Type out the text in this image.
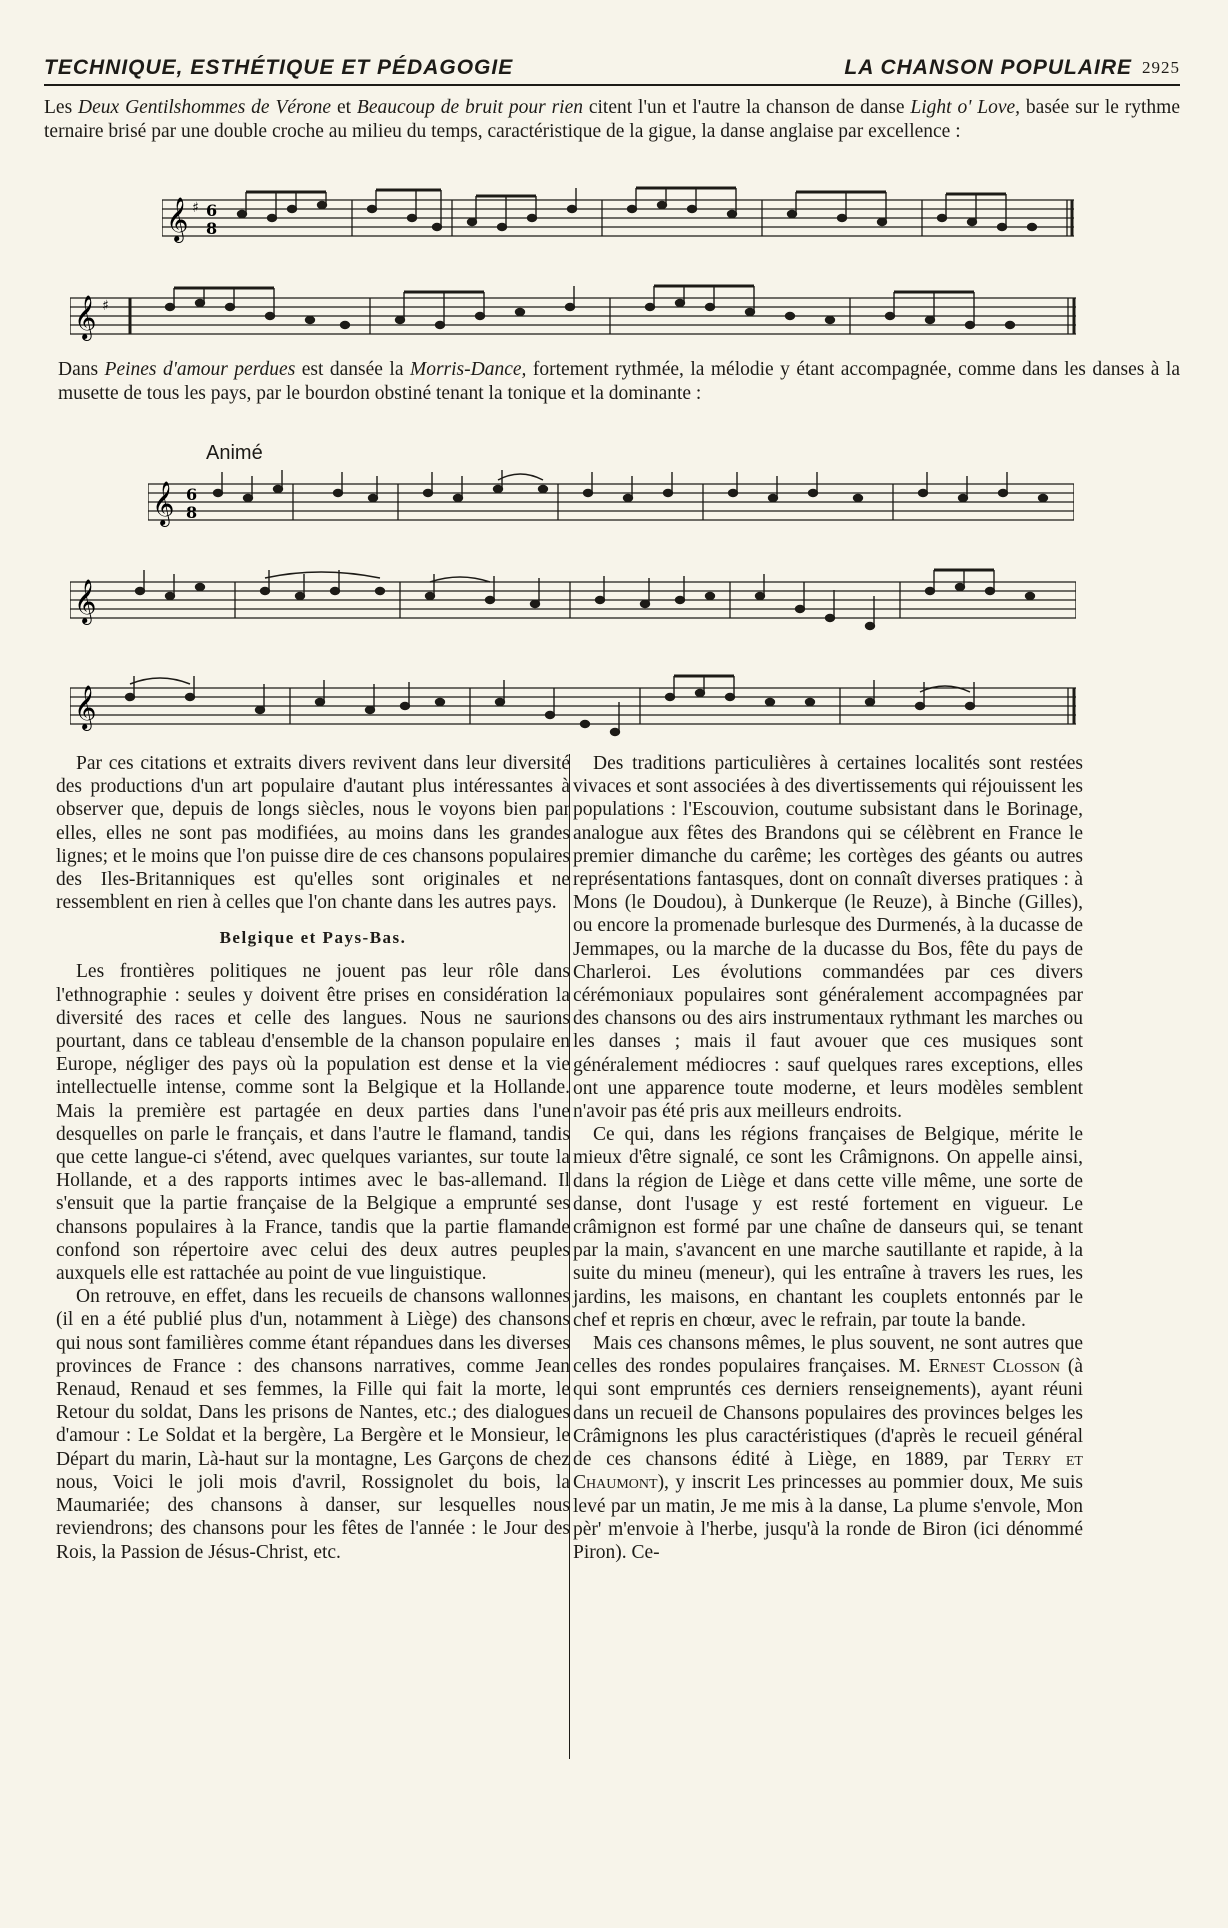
TECHNIQUE, ESTHÉTIQUE ET PÉDAGOGIE	LA CHANSON POPULAIRE 2925

Les Deux Gentilshommes de Vérone et Beaucoup de bruit pour rien citent l'un et l'autre la chanson de danse Light o' Love, basée sur le rythme ternaire brisé par une double croche au milieu du temps, caractéristique de la gigue, la danse anglaise par excellence :

𝄞 ♯ 6
8
𝄞 ♯

Dans Peines d'amour perdues est dansée la Morris-Dance, fortement rythmée, la mélodie y étant accompagnée, comme dans les danses à la musette de tous les pays, par le bourdon obstiné tenant la tonique et la dominante :

Animé
𝄞 6
8
𝄞
𝄞

Par ces citations et extraits divers revivent dans leur diversité des productions d'un art populaire d'autant plus intéressantes à observer que, depuis de longs siècles, nous le voyons bien par elles, elles ne sont pas modifiées, au moins dans les grandes lignes; et le moins que l'on puisse dire de ces chansons populaires des Iles-Britanniques est qu'elles sont originales et ne ressemblent en rien à celles que l'on chante dans les autres pays.

Belgique et Pays-Bas.

Les frontières politiques ne jouent pas leur rôle dans l'ethnographie : seules y doivent être prises en considération la diversité des races et celle des langues. Nous ne saurions pourtant, dans ce tableau d'ensemble de la chanson populaire en Europe, négliger des pays où la population est dense et la vie intellectuelle intense, comme sont la Belgique et la Hollande. Mais la première est partagée en deux parties dans l'une desquelles on parle le français, et dans l'autre le flamand, tandis que cette langue-ci s'étend, avec quelques variantes, sur toute la Hollande, et a des rapports intimes avec le bas-allemand. Il s'ensuit que la partie française de la Belgique a emprunté ses chansons populaires à la France, tandis que la partie flamande confond son répertoire avec celui des deux autres peuples auxquels elle est rattachée au point de vue linguistique.

On retrouve, en effet, dans les recueils de chansons wallonnes (il en a été publié plus d'un, notamment à Liège) des chansons qui nous sont familières comme étant répandues dans les diverses provinces de France : des chansons narratives, comme Jean Renaud, Renaud et ses femmes, la Fille qui fait la morte, le Retour du soldat, Dans les prisons de Nantes, etc.; des dialogues d'amour : Le Soldat et la bergère, La Bergère et le Monsieur, le Départ du marin, Là-haut sur la montagne, Les Garçons de chez nous, Voici le joli mois d'avril, Rossignolet du bois, la Maumariée; des chansons à danser, sur lesquelles nous reviendrons; des chansons pour les fêtes de l'année : le Jour des Rois, la Passion de Jésus-Christ, etc.

Des traditions particulières à certaines localités sont restées vivaces et sont associées à des divertissements qui réjouissent les populations : l'Escouvion, coutume subsistant dans le Borinage, analogue aux fêtes des Brandons qui se célèbrent en France le premier dimanche du carême; les cortèges des géants ou autres représentations fantasques, dont on connaît diverses pratiques : à Mons (le Doudou), à Dunkerque (le Reuze), à Binche (Gilles), ou encore la promenade burlesque des Durmenés, à la ducasse de Jemmapes, ou la marche de la ducasse du Bos, fête du pays de Charleroi. Les évolutions commandées par ces divers cérémoniaux populaires sont généralement accompagnées par des chansons ou des airs instrumentaux rythmant les marches ou les danses ; mais il faut avouer que ces musiques sont généralement médiocres : sauf quelques rares exceptions, elles ont une apparence toute moderne, et leurs modèles semblent n'avoir pas été pris aux meilleurs endroits.

Ce qui, dans les régions françaises de Belgique, mérite le mieux d'être signalé, ce sont les Crâmignons. On appelle ainsi, dans la région de Liège et dans cette ville même, une sorte de danse, dont l'usage y est resté fortement en vigueur. Le crâmignon est formé par une chaîne de danseurs qui, se tenant par la main, s'avancent en une marche sautillante et rapide, à la suite du mineu (meneur), qui les entraîne à travers les rues, les jardins, les maisons, en chantant les couplets entonnés par le chef et repris en chœur, avec le refrain, par toute la bande.

Mais ces chansons mêmes, le plus souvent, ne sont autres que celles des rondes populaires françaises. M. Ernest Closson (à qui sont empruntés ces derniers renseignements), ayant réuni dans un recueil de Chansons populaires des provinces belges les Crâmignons les plus caractéristiques (d'après le recueil général de ces chansons édité à Liège, en 1889, par Terry et Chaumont), y inscrit Les princesses au pommier doux, Me suis levé par un matin, Je me mis à la danse, La plume s'envole, Mon pèr' m'envoie à l'herbe, jusqu'à la ronde de Biron (ici dénommé Piron). Ce-
